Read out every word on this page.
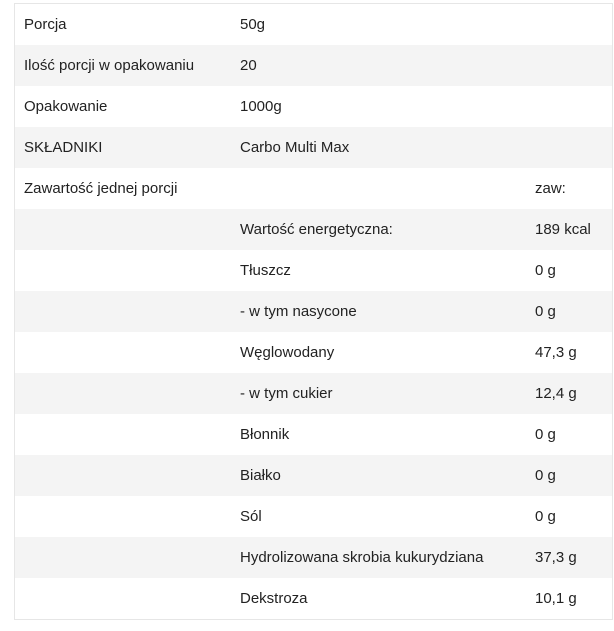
Porcja	50g
Ilość porcji w opakowaniu	20
Opakowanie	1000g
SKŁADNIKI	Carbo Multi Max
Zawartość jednej porcji	zaw:
Wartość energetyczna:	189 kcal
Tłuszcz	0 g
- w tym nasycone	0 g
Węglowodany	47,3 g
- w tym cukier	12,4 g
Błonnik	0 g
Białko	0 g
Sól	0 g
Hydrolizowana skrobia kukurydziana	37,3 g
Dekstroza	10,1 g
